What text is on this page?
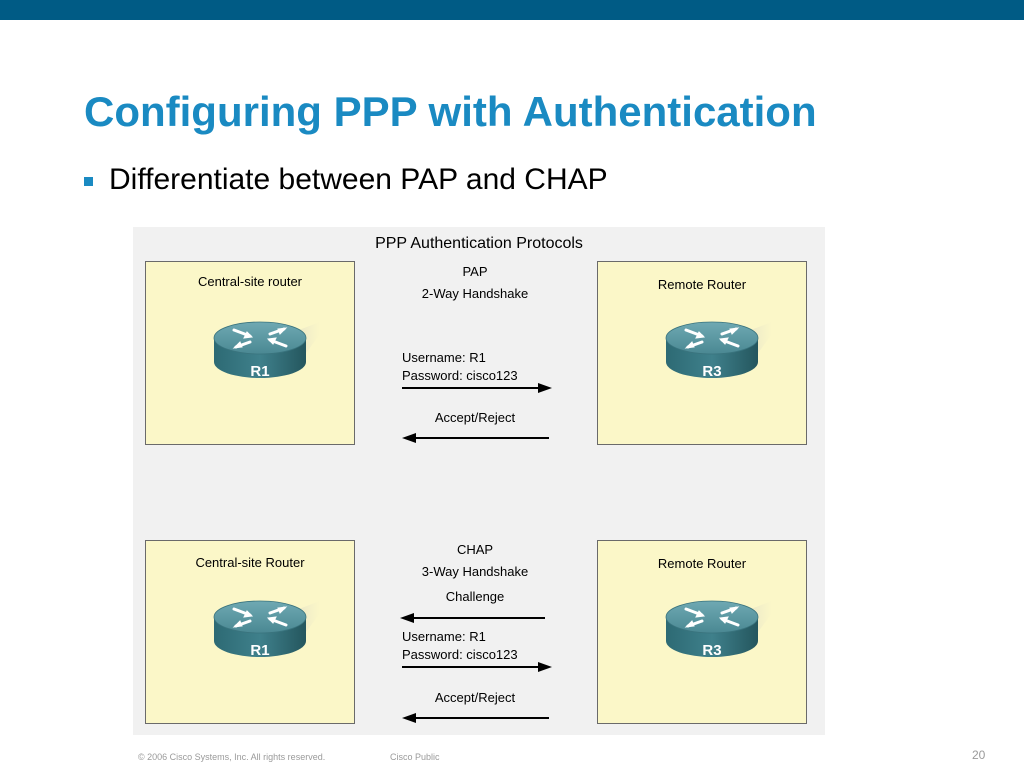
Configuring PPP with Authentication
Differentiate between PAP and CHAP
PPP Authentication Protocols
Central-site router
R1
Remote Router
R3
PAP
2-Way Handshake
Username: R1
Password: cisco123
Accept/Reject
Central-site Router
R1
Remote Router
R3
CHAP
3-Way Handshake
Challenge
Username: R1
Password: cisco123
Accept/Reject
© 2006 Cisco Systems, Inc. All rights reserved.	Cisco Public	20
